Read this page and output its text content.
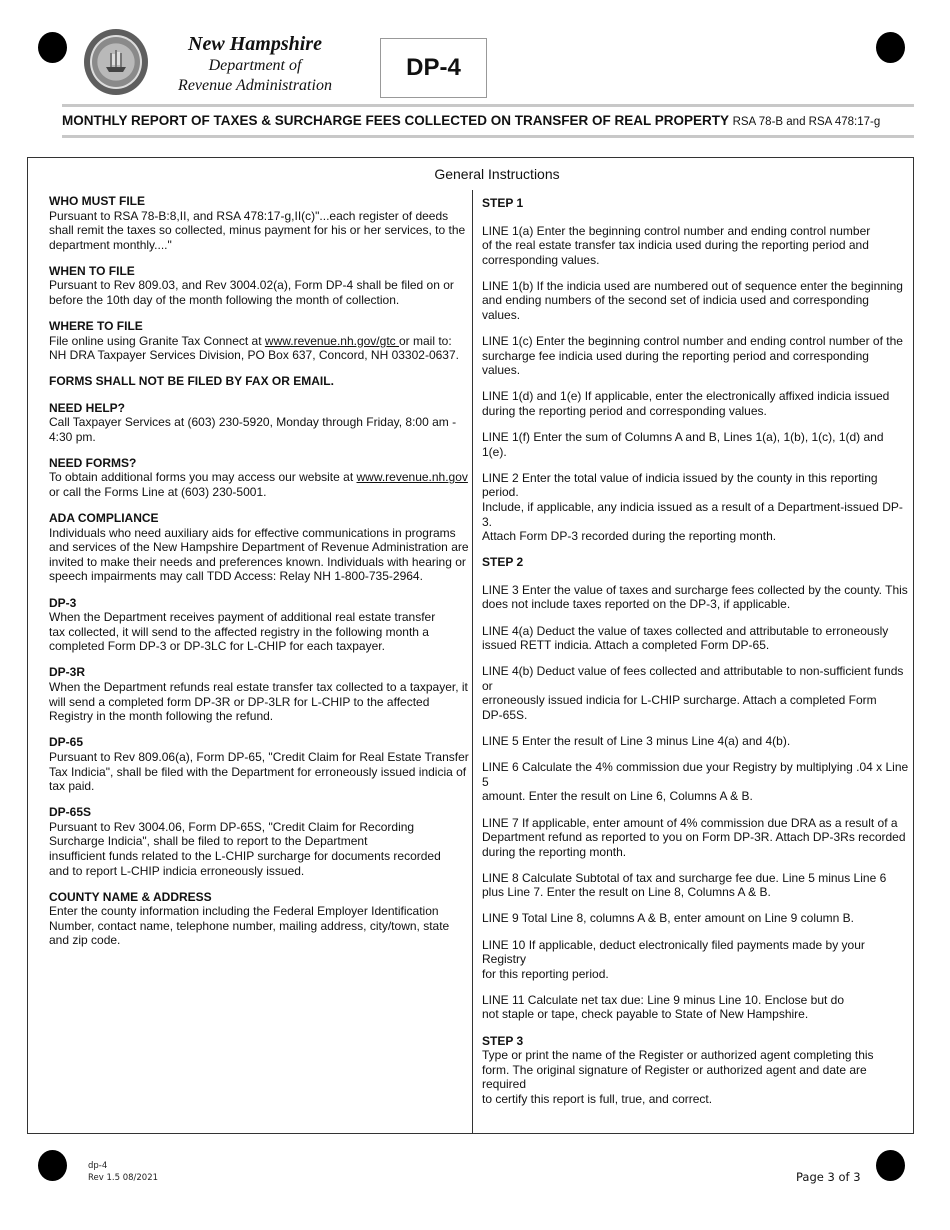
New Hampshire
Department of
Revenue Administration
DP-4
MONTHLY REPORT OF TAXES & SURCHARGE FEES COLLECTED ON TRANSFER OF REAL PROPERTY RSA 78-B and RSA 478:17-g
General Instructions
WHO MUST FILE
Pursuant to RSA 78-B:8,II, and RSA 478:17-g,II(c)"...each register of deeds
shall remit the taxes so collected, minus payment for his or her services, to the
department monthly...."
WHEN TO FILE
Pursuant to Rev 809.03, and Rev 3004.02(a), Form DP-4 shall be filed on or
before the 10th day of the month following the month of collection.
WHERE TO FILE
File online using Granite Tax Connect at www.revenue.nh.gov/gtc or mail to:
NH DRA Taxpayer Services Division, PO Box 637, Concord, NH 03302-0637.
FORMS SHALL NOT BE FILED BY FAX OR EMAIL.
NEED HELP?
Call Taxpayer Services at (603) 230-5920, Monday through Friday, 8:00 am -
4:30 pm.
NEED FORMS?
To obtain additional forms you may access our website at www.revenue.nh.gov
or call the Forms Line at (603) 230-5001.
ADA COMPLIANCE
Individuals who need auxiliary aids for effective communications in programs
and services of the New Hampshire Department of Revenue Administration are
invited to make their needs and preferences known. Individuals with hearing or
speech impairments may call TDD Access: Relay NH 1-800-735-2964.
DP-3
When the Department receives payment of additional real estate transfer
tax collected, it will send to the affected registry in the following month a
completed Form DP-3 or DP-3LC for L-CHIP for each taxpayer.
DP-3R
When the Department refunds real estate transfer tax collected to a taxpayer, it
will send a completed form DP-3R or DP-3LR for L-CHIP to the affected
Registry in the month following the refund.
DP-65
Pursuant to Rev 809.06(a), Form DP-65, "Credit Claim for Real Estate Transfer
Tax Indicia", shall be filed with the Department for erroneously issued indicia of
tax paid.
DP-65S
Pursuant to Rev 3004.06, Form DP-65S, "Credit Claim for Recording
Surcharge Indicia", shall be filed to report to the Department
insufficient funds related to the L-CHIP surcharge for documents recorded
and to report L-CHIP indicia erroneously issued.
COUNTY NAME & ADDRESS
Enter the county information including the Federal Employer Identification
Number, contact name, telephone number, mailing address, city/town, state
and zip code.
STEP 1
LINE 1(a) Enter the beginning control number and ending control number
of the real estate transfer tax indicia used during the reporting period and
corresponding values.
LINE 1(b) If the indicia used are numbered out of sequence enter the beginning
and ending numbers of the second set of indicia used and corresponding values.
LINE 1(c) Enter the beginning control number and ending control number of the
surcharge fee indicia used during the reporting period and corresponding values.
LINE 1(d) and 1(e) If applicable, enter the electronically affixed indicia issued
during the reporting period and corresponding values.
LINE 1(f) Enter the sum of Columns A and B, Lines 1(a), 1(b), 1(c), 1(d) and 1(e).
LINE 2 Enter the total value of indicia issued by the county in this reporting period.
Include, if applicable, any indicia issued as a result of a Department-issued DP-3.
Attach Form DP-3 recorded during the reporting month.
STEP 2
LINE 3 Enter the value of taxes and surcharge fees collected by the county. This
does not include taxes reported on the DP-3, if applicable.
LINE 4(a) Deduct the value of taxes collected and attributable to erroneously
issued RETT indicia. Attach a completed Form DP-65.
LINE 4(b) Deduct value of fees collected and attributable to non-sufficient funds or
erroneously issued indicia for L-CHIP surcharge. Attach a completed Form
DP-65S.
LINE 5 Enter the result of Line 3 minus Line 4(a) and 4(b).
LINE 6 Calculate the 4% commission due your Registry by multiplying .04 x Line 5
amount. Enter the result on Line 6, Columns A & B.
LINE 7 If applicable, enter amount of 4% commission due DRA as a result of a
Department refund as reported to you on Form DP-3R. Attach DP-3Rs recorded
during the reporting month.
LINE 8 Calculate Subtotal of tax and surcharge fee due. Line 5 minus Line 6
plus Line 7. Enter the result on Line 8, Columns A & B.
LINE 9 Total Line 8, columns A & B, enter amount on Line 9 column B.
LINE 10 If applicable, deduct electronically filed payments made by your Registry
for this reporting period.
LINE 11 Calculate net tax due: Line 9 minus Line 10. Enclose but do
not staple or tape, check payable to State of New Hampshire.
STEP 3
Type or print the name of the Register or authorized agent completing this
form. The original signature of Register or authorized agent and date are required
to certify this report is full, true, and correct.
dp-4
Rev 1.5 08/2021	Page 3 of 3
